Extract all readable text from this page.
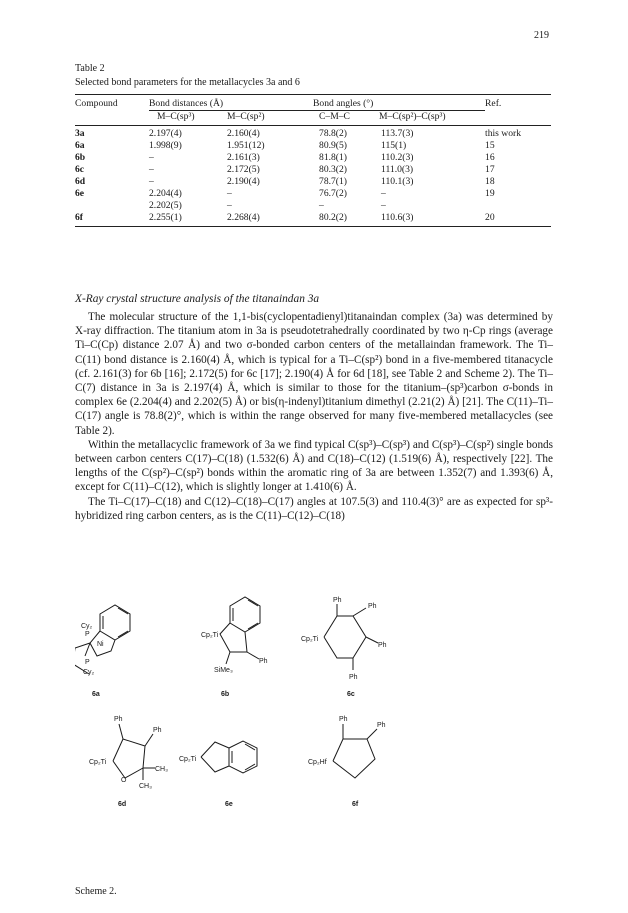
219
Table 2
Selected bond parameters for the metallacycles 3a and 6
Compound	Bond distances (Å)		Bond angles (°)		Ref.
	M–C(sp³)	M–C(sp²)	C–M–C	M–C(sp²)–C(sp³)	
3a	2.197(4)	2.160(4)	78.8(2)	113.7(3)	this work
6a	1.998(9)	1.951(12)	80.9(5)	115(1)	15
6b	–	2.161(3)	81.8(1)	110.2(3)	16
6c	–	2.172(5)	80.3(2)	111.0(3)	17
6d	–	2.190(4)	78.7(1)	110.1(3)	18
6e	2.204(4)	–	76.7(2)	–	19
	2.202(5)	–	–	–	
6f	2.255(1)	2.268(4)	80.2(2)	110.6(3)	20
X-Ray crystal structure analysis of the titanaindan 3a

The molecular structure of the 1,1-bis(cyclopentadienyl)titanaindan complex (3a) was determined by X-ray diffraction. The titanium atom in 3a is pseudotetrahedrally coordinated by two η-Cp rings (average Ti–C(Cp) distance 2.07 Å) and two σ-bonded carbon centers of the metallaindan framework. The Ti–C(11) bond distance is 2.160(4) Å, which is typical for a Ti–C(sp²) bond in a five-membered titanacycle (cf. 2.161(3) for 6b [16]; 2.172(5) for 6c [17]; 2.190(4) Å for 6d [18], see Table 2 and Scheme 2). The Ti–C(7) distance in 3a is 2.197(4) Å, which is similar to those for the titanium–(sp³)carbon σ-bonds in complex 6e (2.204(4) and 2.202(5) Å) or bis(η-indenyl)titanium dimethyl (2.21(2) Å) [21]. The C(11)–Ti–C(17) angle is 78.8(2)°, which is within the range observed for many five-membered metallacycles (see Table 2).

Within the metallacyclic framework of 3a we find typical C(sp³)–C(sp³) and C(sp³)–C(sp²) single bonds between carbon centers C(17)–C(18) (1.532(6) Å) and C(18)–C(12) (1.519(6) Å), respectively [22]. The lengths of the C(sp²)–C(sp²) bonds within the aromatic ring of 3a are between 1.352(7) and 1.393(6) Å, except for C(11)–C(12), which is slightly longer at 1.410(6) Å.

The Ti–C(17)–C(18) and C(12)–C(18)–C(17) angles at 107.5(3) and 110.4(3)° are as expected for sp³-hybridized ring carbon centers, as is the C(11)–C(12)–C(18)

Cy₂
P
Ni
P
Cy₂
6a
Cp₂Ti
Ph
SiMe₃
6b
Ph
Ph
Ph
Ph
Cp₂Ti
6c
Ph
Ph
CH₃
CH₃
O
Cp₂Ti
6d
Cp₂Ti
6e
Ph
Ph
Cp₂Hf
6f
Scheme 2.
